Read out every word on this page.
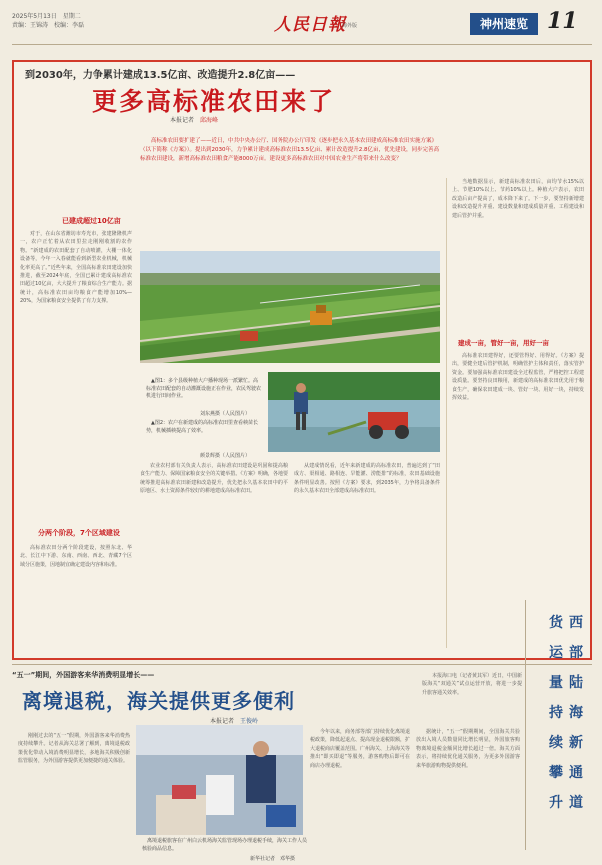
2025年5月13日　星期二
责编：王锦涛　校编：李磊	人民日報
海外版	神州速览 11
到2030年，力争累计建成13.5亿亩、改造提升2.8亿亩——
更多高标准农田来了
本报记者　 邱海峰
高标准农田要扩建了——近日，中共中央办公厅、国务院办公厅印发《逐步把永久基本农田建成高标准农田实施方案》（以下简称《方案》）。提出到2030年，力争累计建成高标准农田13.5亿亩、累计改造提升2.8亿亩，优先建设，同步完善高标准农田建设，新增高标准农田粮食产能8000万亩。建设更多高标准农田对中国农业生产将带来什么改变？
已建成超过10亿亩
对于，在山东省潍坊市寿光市，张建隆隆机声一，农户正忙着从农田里拉走刚刚收割的农作物。“新建成的农田配套了自动喷灌，大棚一体化设备等，今年一入春就能看到新型农业机械，机械化率更高了。”近些年来，全国高标准农田建设加快推进，截至2024年底，全国已累计建成高标准农田超过10亿亩，大大提升了粮食综合生产能力。据统计，高标准农田亩均粮食产能增加10%—20%，为国家粮食安全提供了有力支撑。
分两个阶段，7个区域建设
高标准农田分两个阶段建设，按照东北、华北、长江中下游、东南、西南、西北、青藏7个区域分区施策，因地制宜确定建设内容和标准。
▲图1：多个县级种植大户播种现场一派繁忙。高标准农田配套的自动灌溉设施正在作业，农民驾驶农机进行田间作业。
刘东燕摄（人民图片）
▲图2：农户在新建成的高标准农田里查看秧苗长势，机械插秧提高了效率。
颜景辉摄（人民图片）
农业农村部有关负责人表示，高标准农田建设是巩固和提高粮食生产能力、保障国家粮食安全的关键举措。《方案》明确，各地要统筹推进高标准农田新建和改造提升，优先把永久基本农田中的平原地区、水土资源条件较好的耕地建成高标准农田。
从建成情况看，近年来新建成的高标准农田，普遍达到了“田成方、渠相通、路相连、旱能灌、涝能排”的标准，农田基础设施条件明显改善。按照《方案》要求，到2035年，力争将具备条件的永久基本农田全部建成高标准农田。
当地数据显示，新建高标准农田后，亩均节水15%以上、节肥10%以上、节药10%以上。种植大户表示，农田改造后亩产提高了，成本降下来了。下一步，要坚持新增建设和改造提升并重、建设数量和建成质量并重、工程建设和建后管护并重。
建成一亩，管好一亩，用好一亩
高标准农田建得好，还要管得好、用得好。《方案》提出，要健全建后管护机制，明确管护主体和责任，落实管护资金。要加强高标准农田建设全过程监管，严格把控工程建设质量。要坚持良田粮用，新建成的高标准农田优先用于粮食生产，确保农田建成一块、管好一块、用好一块，持续发挥效益。
“五一”期间，外国游客来华消费明显增长——
离境退税，海关提供更多便利
本报记者　 王俊岭
刚刚过去的“五一”假期，外国游客来华消费热度持续攀升。记者从海关总署了解到，离境退税政策优化带动入境消费明显增长，多地海关积极创新监管服务，为外国游客提供更加便捷的通关体验。
离境退税旅客在广州白云机场海关监管现场办理退税手续，海关工作人员核验商品信息。
新华社记者　邓华摄
今年以来，商务部等部门持续优化离境退税政策，降低起退点、提高现金退税限额，扩大退税商店覆盖范围。广州海关、上海海关等推出“即买即退”等服务，游客购物后即可在商店办理退税。
据统计，“五一”假期期间，全国海关共验放出入境人员数量同比增长明显，外国旅客购物离境退税金额同比增长超过一倍。海关方面表示，将持续优化通关服务，为更多外国游客来华旅游购物提供便利。
本报海口电（记者黄其军）近日，中国新版海关“双通关”试点运营开放，将进一步提升旅客通关效率。
西
部
陆
海
新
通
道
货
运
量
持
续
攀
升
